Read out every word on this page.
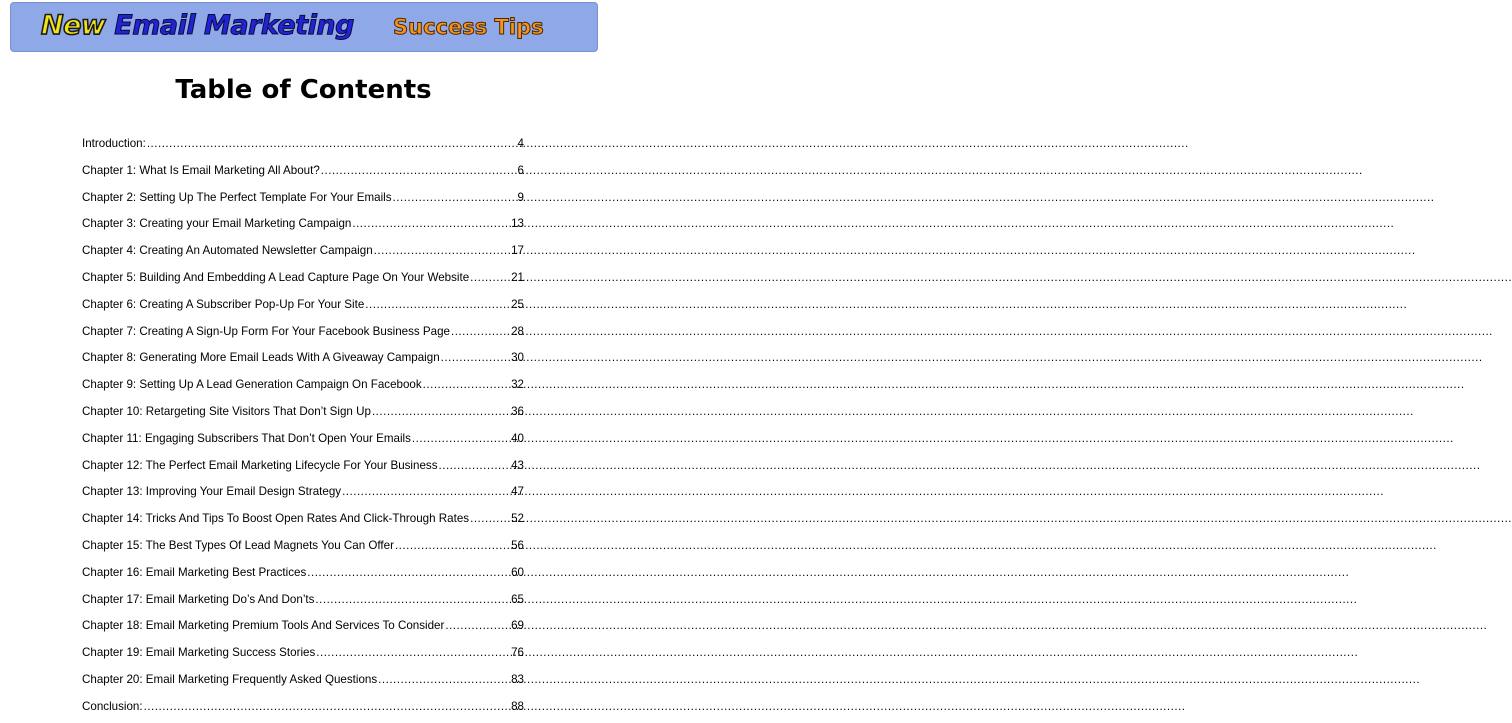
New Email Marketing Success Tips
Table of Contents
Introduction: .....	4
Chapter 1: What Is Email Marketing All About? .....	6
Chapter 2: Setting Up The Perfect Template For Your Emails .....	9
Chapter 3: Creating your Email Marketing Campaign .....	13
Chapter 4: Creating An Automated Newsletter Campaign .....	17
Chapter 5: Building And Embedding A Lead Capture Page On Your Website .....	21
Chapter 6: Creating A Subscriber Pop-Up For Your Site .....	25
Chapter 7: Creating A Sign-Up Form For Your Facebook Business Page .....	28
Chapter 8: Generating More Email Leads With A Giveaway Campaign .....	30
Chapter 9: Setting Up A Lead Generation Campaign On Facebook .....	32
Chapter 10: Retargeting Site Visitors That Don’t Sign Up .....	36
Chapter 11: Engaging Subscribers That Don’t Open Your Emails .....	40
Chapter 12: The Perfect Email Marketing Lifecycle For Your Business .....	43
Chapter 13: Improving Your Email Design Strategy .....	47
Chapter 14: Tricks And Tips To Boost Open Rates And Click-Through Rates .....	52
Chapter 15: The Best Types Of Lead Magnets You Can Offer .....	56
Chapter 16: Email Marketing Best Practices .....	60
Chapter 17: Email Marketing Do’s And Don’ts .....	65
Chapter 18: Email Marketing Premium Tools And Services To Consider .....	69
Chapter 19: Email Marketing Success Stories .....	76
Chapter 20: Email Marketing Frequently Asked Questions .....	83
Conclusion: .....	88
